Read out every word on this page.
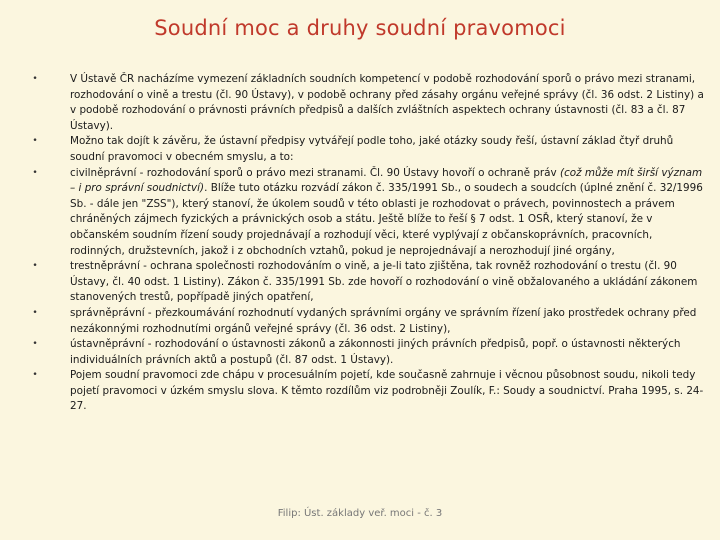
Soudní moc a druhy soudní pravomoci
•	V Ústavě ČR nacházíme vymezení základních soudních kompetencí v podobě rozhodování sporů o právo mezi stranami, rozhodování o vině a trestu (čl. 90 Ústavy), v podobě ochrany před zásahy orgánu veřejné správy (čl. 36 odst. 2 Listiny) a v podobě rozhodování o právnosti právních předpisů a dalších zvláštních aspektech ochrany ústavnosti (čl. 83 a čl. 87 Ústavy).
•	Možno tak dojít k závěru, že ústavní předpisy vytvářejí podle toho, jaké otázky soudy řeší, ústavní základ čtyř druhů soudní pravomoci v obecném smyslu, a to:
•	civilněprávní - rozhodování sporů o právo mezi stranami. Čl. 90 Ústavy hovoří o ochraně práv (což může mít širší význam – i pro správní soudnictví). Blíže tuto otázku rozvádí zákon č. 335/1991 Sb., o soudech a soudcích (úplné znění č. 32/1996 Sb. - dále jen "ZSS"), který stanoví, že úkolem soudů v této oblasti je rozhodovat o právech, povinnostech a právem chráněných zájmech fyzických a právnických osob a státu. Ještě blíže to řeší § 7 odst. 1 OSŘ, který stanoví, že v občanském soudním řízení soudy projednávají a rozhodují věci, které vyplývají z občanskoprávních, pracovních, rodinných, družstevních, jakož i z obchodních vztahů, pokud je neprojednávají a nerozhodují jiné orgány,
•	trestněprávní - ochrana společnosti rozhodováním o vině, a je-li tato zjištěna, tak rovněž rozhodování o trestu (čl. 90 Ústavy, čl. 40 odst. 1 Listiny). Zákon č. 335/1991 Sb. zde hovoří o rozhodování o vině obžalovaného a ukládání zákonem stanovených trestů, popřípadě jiných opatření,
•	správněprávní - přezkoumávání rozhodnutí vydaných správními orgány ve správním řízení jako prostředek ochrany před nezákonnými rozhodnutími orgánů veřejné správy (čl. 36 odst. 2 Listiny),
•	ústavněprávní - rozhodování o ústavnosti zákonů a zákonnosti jiných právních předpisů, popř. o ústavnosti některých individuálních právních aktů a postupů (čl. 87 odst. 1 Ústavy).
•	Pojem soudní pravomoci zde chápu v procesuálním pojetí, kde současně zahrnuje i věcnou působnost soudu, nikoli tedy pojetí pravomoci v úzkém smyslu slova. K těmto rozdílům viz podrobněji Zoulík, F.: Soudy a soudnictví. Praha 1995, s. 24-27.
Filip: Úst. základy veř. moci - č. 3
